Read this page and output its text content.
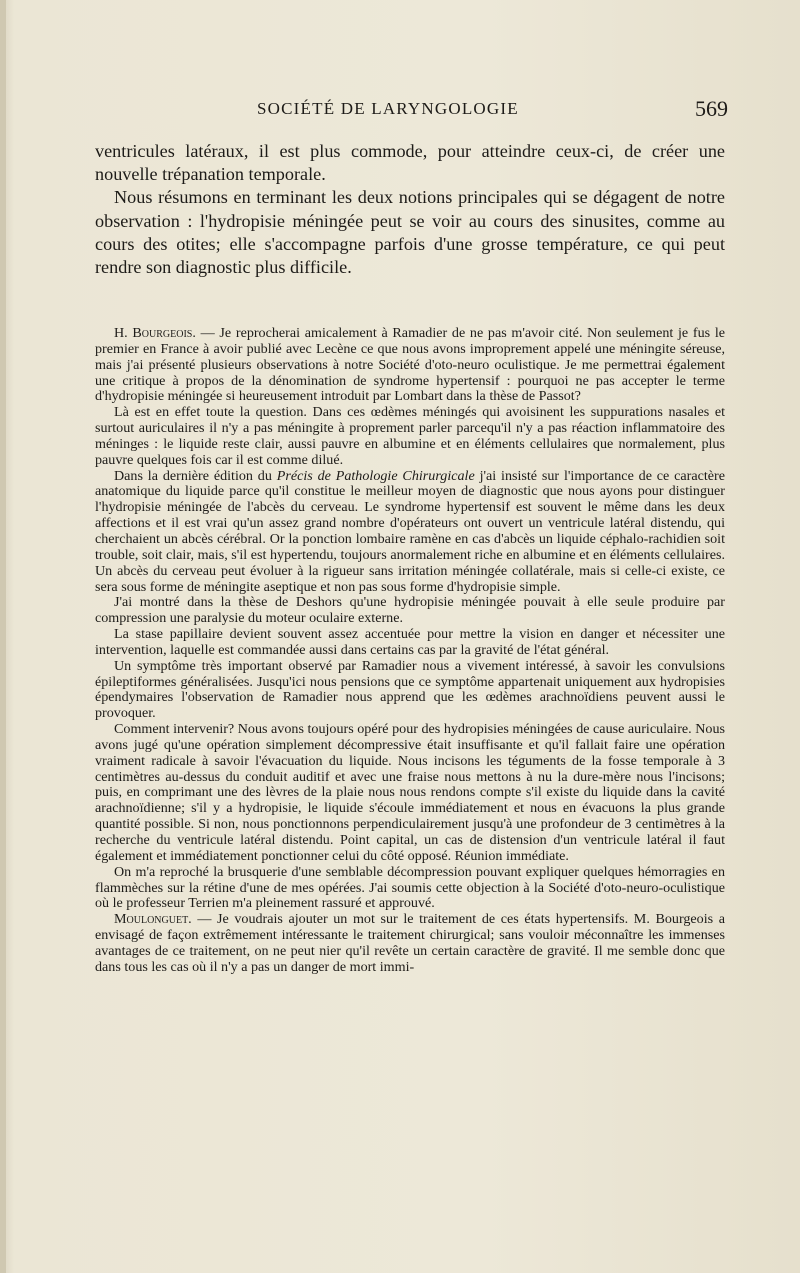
SOCIÉTÉ DE LARYNGOLOGIE	569

ventricules latéraux, il est plus commode, pour atteindre ceux-ci, de créer une nouvelle trépanation temporale.

Nous résumons en terminant les deux notions principales qui se dégagent de notre observation : l'hydropisie méningée peut se voir au cours des sinusites, comme au cours des otites; elle s'accompagne parfois d'une grosse température, ce qui peut rendre son diagnostic plus difficile.

H. Bourgeois. — Je reprocherai amicalement à Ramadier de ne pas m'avoir cité. Non seulement je fus le premier en France à avoir publié avec Lecène ce que nous avons improprement appelé une méningite séreuse, mais j'ai présenté plusieurs observations à notre Société d'oto-neuro oculistique. Je me permettrai également une critique à propos de la dénomination de syndrome hypertensif : pourquoi ne pas accepter le terme d'hydropisie méningée si heureusement introduit par Lombart dans la thèse de Passot?

Là est en effet toute la question. Dans ces œdèmes méningés qui avoisinent les suppurations nasales et surtout auriculaires il n'y a pas méningite à proprement parler parcequ'il n'y a pas réaction inflammatoire des méninges : le liquide reste clair, aussi pauvre en albumine et en éléments cellulaires que normalement, plus pauvre quelques fois car il est comme dilué.

Dans la dernière édition du Précis de Pathologie Chirurgicale j'ai insisté sur l'importance de ce caractère anatomique du liquide parce qu'il constitue le meilleur moyen de diagnostic que nous ayons pour distinguer l'hydropisie méningée de l'abcès du cerveau. Le syndrome hypertensif est souvent le même dans les deux affections et il est vrai qu'un assez grand nombre d'opérateurs ont ouvert un ventricule latéral distendu, qui cherchaient un abcès cérébral. Or la ponction lombaire ramène en cas d'abcès un liquide céphalo-rachidien soit trouble, soit clair, mais, s'il est hypertendu, toujours anormalement riche en albumine et en éléments cellulaires. Un abcès du cerveau peut évoluer à la rigueur sans irritation méningée collatérale, mais si celle-ci existe, ce sera sous forme de méningite aseptique et non pas sous forme d'hydropisie simple.

J'ai montré dans la thèse de Deshors qu'une hydropisie méningée pouvait à elle seule produire par compression une paralysie du moteur oculaire externe.

La stase papillaire devient souvent assez accentuée pour mettre la vision en danger et nécessiter une intervention, laquelle est commandée aussi dans certains cas par la gravité de l'état général.

Un symptôme très important observé par Ramadier nous a vivement intéressé, à savoir les convulsions épileptiformes généralisées. Jusqu'ici nous pensions que ce symptôme appartenait uniquement aux hydropisies épendymaires l'observation de Ramadier nous apprend que les œdèmes arachnoïdiens peuvent aussi le provoquer.

Comment intervenir? Nous avons toujours opéré pour des hydropisies méningées de cause auriculaire. Nous avons jugé qu'une opération simplement décompressive était insuffisante et qu'il fallait faire une opération vraiment radicale à savoir l'évacuation du liquide. Nous incisons les téguments de la fosse temporale à 3 centimètres au-dessus du conduit auditif et avec une fraise nous mettons à nu la dure-mère nous l'incisons; puis, en comprimant une des lèvres de la plaie nous nous rendons compte s'il existe du liquide dans la cavité arachnoïdienne; s'il y a hydropisie, le liquide s'écoule immédiatement et nous en évacuons la plus grande quantité possible. Si non, nous ponctionnons perpendiculairement jusqu'à une profondeur de 3 centimètres à la recherche du ventricule latéral distendu. Point capital, un cas de distension d'un ventricule latéral il faut également et immédiatement ponctionner celui du côté opposé. Réunion immédiate.

On m'a reproché la brusquerie d'une semblable décompression pouvant expliquer quelques hémorragies en flammèches sur la rétine d'une de mes opérées. J'ai soumis cette objection à la Société d'oto-neuro-oculistique où le professeur Terrien m'a pleinement rassuré et approuvé.

Moulonguet. — Je voudrais ajouter un mot sur le traitement de ces états hypertensifs. M. Bourgeois a envisagé de façon extrêmement intéressante le traitement chirurgical; sans vouloir méconnaître les immenses avantages de ce traitement, on ne peut nier qu'il revête un certain caractère de gravité. Il me semble donc que dans tous les cas où il n'y a pas un danger de mort immi-
